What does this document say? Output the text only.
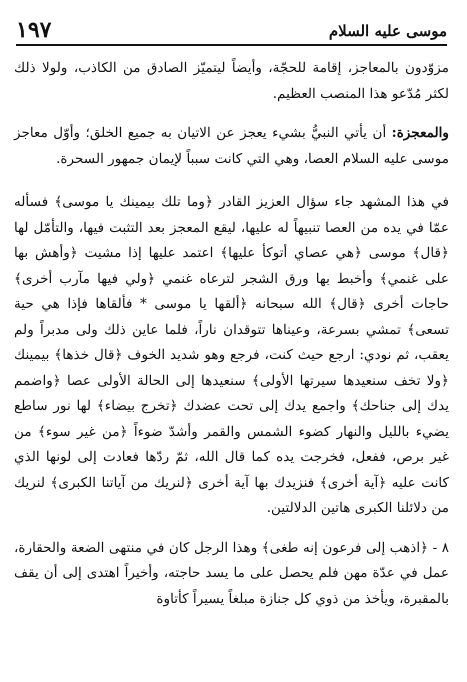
١٩٧	موسى عليه السلام

مزوّدون بالمعاجز، إقامة للحجّة، وأيضاً ليتميّز الصادق من الكاذب، ولولا ذلك لكثر مُدّعو هذا المنصب العظيم.

والمعجزة: أن يأتي النبيُّ بشيء يعجز عن الاتيان به جميع الخلق؛ وأوّل معاجز موسى عليه السلام العصا، وهي التي كانت سبباً لإيمان جمهور السحرة.

في هذا المشهد جاء سؤال العزيز القادر ﴿وما تلك بيمينك يا موسى﴾ فسأله عمّا في يده من العصا تنبيهاً له عليها، ليقع المعجز بعد التثبت فيها، والتأمّل لها ﴿قال﴾ موسى ﴿هي عصاي أتوكأ عليها﴾ اعتمد عليها إذا مشيت ﴿وأهش بها على غنمي﴾ وأخبط بها ورق الشجر لترعاه غنمي ﴿ولي فيها مآرب أخرى﴾ حاجات أخرى ﴿قال﴾ الله سبحانه ﴿ألقها يا موسى * فألقاها فإذا هي حية تسعى﴾ تمشي بسرعة، وعيناها تتوقدان ناراً، فلما عاين ذلك ولى مدبراً ولم يعقب، ثم نودي: ارجع حيث كنت، فرجع وهو شديد الخوف ﴿قال خذها﴾ بيمينك ﴿ولا تخف سنعيدها سيرتها الأولى﴾ سنعيدها إلى الحالة الأولى عصا ﴿واضمم يدك إلى جناحك﴾ واجمع يدك إلى تحت عضدك ﴿تخرج بيضاء﴾ لها نور ساطع يضيء بالليل والنهار كضوء الشمس والقمر وأشدّ ضوءاً ﴿من غير سوء﴾ من غير برص، ففعل، فخرجت يده كما قال الله، ثمّ ردّها فعادت إلى لونها الذي كانت عليه ﴿آية أخرى﴾ فنزيدك بها آية أخرى ﴿لنريك من آياتنا الكبرى﴾ لنريك من دلائلنا الكبرى هاتين الدلالتين.

٨ - ﴿اذهب إلى فرعون إنه طغى﴾ وهذا الرجل كان في منتهى الضعة والحقارة، عمل في عدّة مهن فلم يحصل على ما يسد حاجته، وأخيراً اهتدى إلى أن يقف بالمقبرة، ويأخذ من ذوي كل جنازة مبلغاً يسيراً كأتاوة
